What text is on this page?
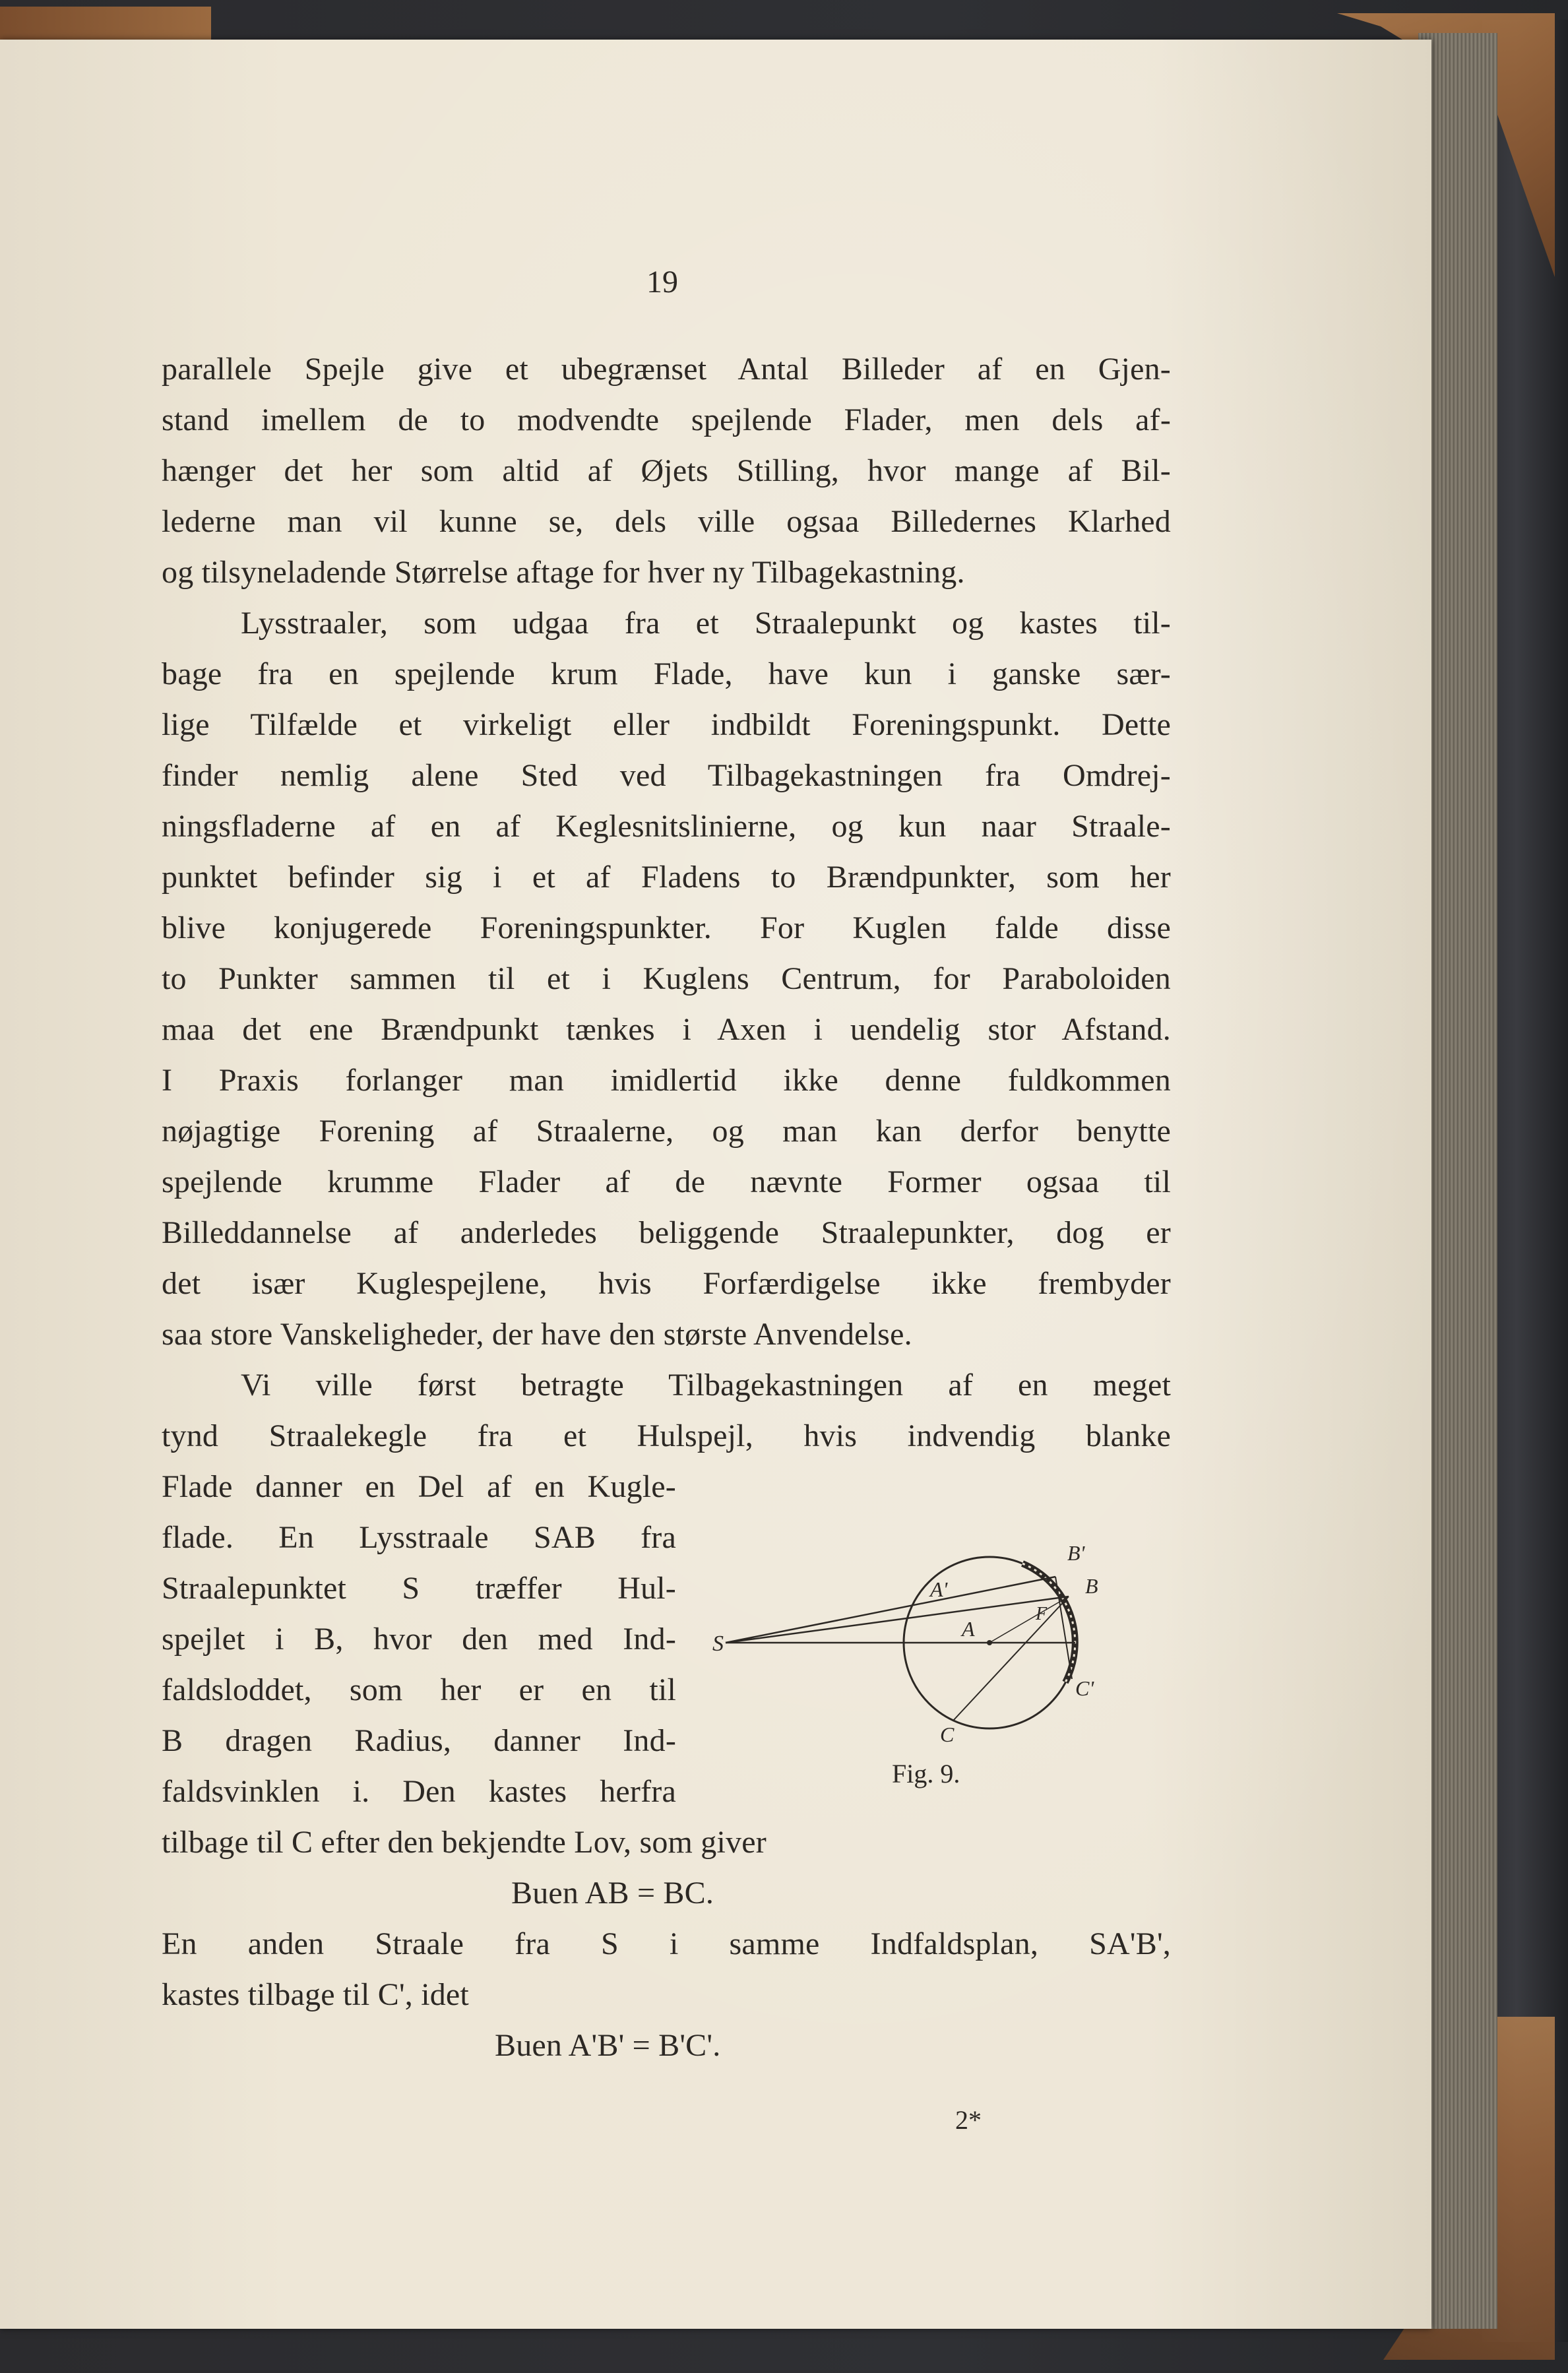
19
parallele Spejle give et ubegrænset Antal Billeder af en Gjen-
stand imellem de to modvendte spejlende Flader, men dels af-
hænger det her som altid af Øjets Stilling, hvor mange af Bil-
lederne man vil kunne se, dels ville ogsaa Billedernes Klarhed
og tilsyneladende Størrelse aftage for hver ny Tilbagekastning.
Lysstraaler, som udgaa fra et Straalepunkt og kastes til-
bage fra en spejlende krum Flade, have kun i ganske sær-
lige Tilfælde et virkeligt eller indbildt Foreningspunkt. Dette
finder nemlig alene Sted ved Tilbagekastningen fra Omdrej-
ningsfladerne af en af Keglesnitslinierne, og kun naar Straale-
punktet befinder sig i et af Fladens to Brændpunkter, som her
blive konjugerede Foreningspunkter. For Kuglen falde disse
to Punkter sammen til et i Kuglens Centrum, for Paraboloiden
maa det ene Brændpunkt tænkes i Axen i uendelig stor Afstand.
I Praxis forlanger man imidlertid ikke denne fuldkommen
nøjagtige Forening af Straalerne, og man kan derfor benytte
spejlende krumme Flader af de nævnte Former ogsaa til
Billeddannelse af anderledes beliggende Straalepunkter, dog er
det især Kuglespejlene, hvis Forfærdigelse ikke frembyder
saa store Vanskeligheder, der have den største Anvendelse.
Vi ville først betragte Tilbagekastningen af en meget
tynd Straalekegle fra et Hulspejl, hvis indvendig blanke
Flade danner en Del af en Kugle-
flade. En Lysstraale SAB fra
Straalepunktet S træffer Hul-
spejlet i B, hvor den med Ind-
faldsloddet, som her er en til
B dragen Radius, danner Ind-
faldsvinklen i. Den kastes herfra
tilbage til C efter den bekjendte Lov, som giver
Buen AB = BC.
En anden Straale fra S i samme Indfaldsplan, SA'B',
kastes tilbage til C', idet
Buen A'B' = B'C'.
S
A'
A
B'
B
F
C
C'
Fig. 9.
2*
